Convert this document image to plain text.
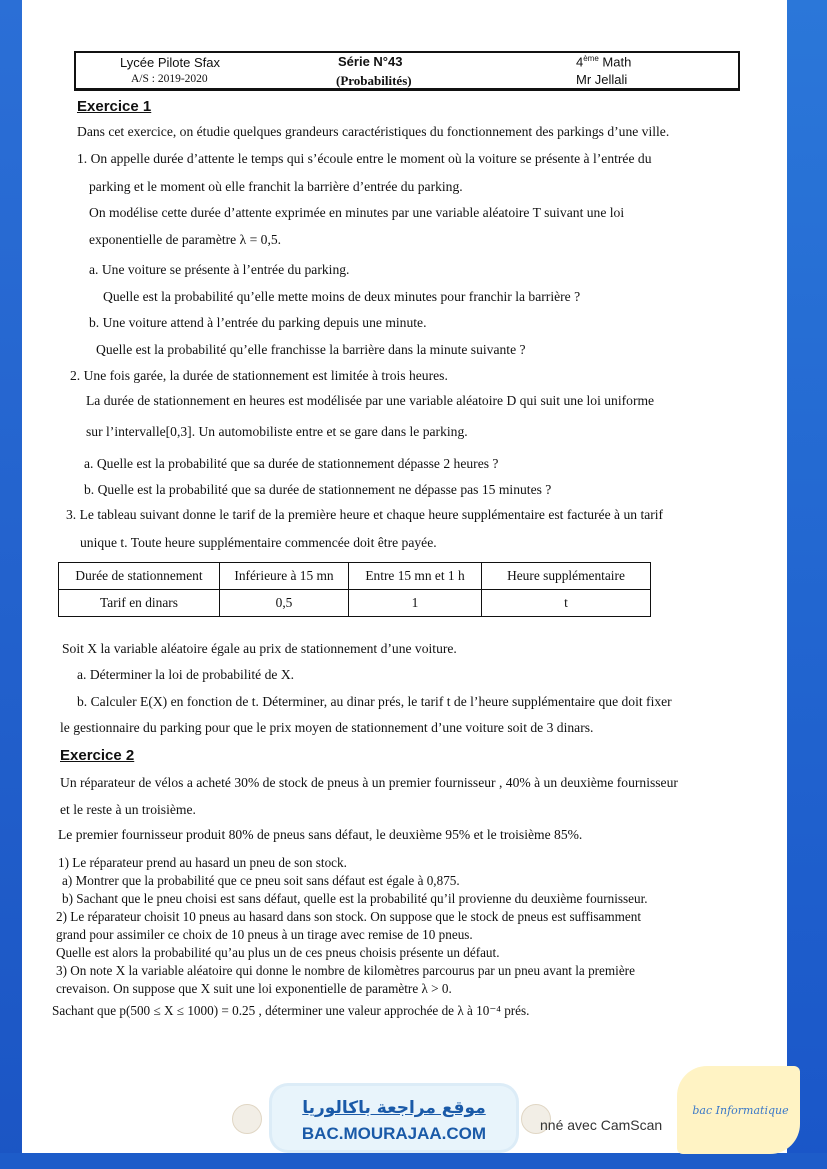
Lycée Pilote Sfax
A/S : 2019-2020
Série N°43
(Probabilités)
4ème Math
Mr Jellali
Exercice 1
Dans cet exercice, on étudie quelques grandeurs caractéristiques du fonctionnement des parkings d’une ville.
1. On appelle durée d’attente le temps qui s’écoule entre le moment où la voiture se présente à l’entrée du
parking et le moment où elle franchit la barrière d’entrée du parking.
On modélise cette durée d’attente exprimée en minutes par une variable aléatoire T suivant une loi
exponentielle de paramètre λ = 0,5.
a. Une voiture se présente à l’entrée du parking.
Quelle est la probabilité qu’elle mette moins de deux minutes pour franchir la barrière ?
b. Une voiture attend à l’entrée du parking depuis une minute.
Quelle est la probabilité qu’elle franchisse la barrière dans la minute suivante ?
2. Une fois garée, la durée de stationnement est limitée à trois heures.
La durée de stationnement en heures est modélisée par une variable aléatoire D qui suit une loi uniforme
sur l’intervalle[0,3]. Un automobiliste entre et se gare dans le parking.
a. Quelle est la probabilité que sa durée de stationnement dépasse 2 heures ?
b. Quelle est la probabilité que sa durée de stationnement ne dépasse pas 15 minutes ?
3. Le tableau suivant donne le tarif de la première heure et chaque heure supplémentaire est facturée à un tarif
unique t. Toute heure supplémentaire commencée doit être payée.
Durée de stationnement	Inférieure à 15 mn	Entre 15 mn et 1 h	Heure supplémentaire
Tarif en dinars	0,5	1	t
Soit X la variable aléatoire égale au prix de stationnement d’une voiture.
a. Déterminer la loi de probabilité de X.
b. Calculer E(X) en fonction de t. Déterminer, au dinar prés, le tarif t de l’heure supplémentaire que doit fixer
le gestionnaire du parking pour que le prix moyen de stationnement d’une voiture soit de 3 dinars.
Exercice 2
Un réparateur de vélos a acheté 30% de stock de pneus à un premier fournisseur , 40% à un deuxième fournisseur
et le reste à un troisième.
Le premier fournisseur produit 80% de pneus sans défaut, le deuxième 95% et le troisième 85%.
1) Le réparateur prend au hasard un pneu de son stock.
a) Montrer que la probabilité que ce pneu soit sans défaut est égale à 0,875.
b) Sachant que le pneu choisi est sans défaut, quelle est la probabilité qu’il provienne du deuxième fournisseur.
2) Le réparateur choisit 10 pneus au hasard dans son stock. On suppose que le stock de pneus est suffisamment
grand pour assimiler ce choix de 10 pneus à un tirage avec remise de 10 pneus.
Quelle est alors la probabilité qu’au plus un de ces pneus choisis présente un défaut.
3) On note X la variable aléatoire qui donne le nombre de kilomètres parcourus par un pneu avant la première
crevaison. On suppose que X suit une loi exponentielle de paramètre λ > 0.
Sachant que p(500 ≤ X ≤ 1000) = 0.25 , déterminer une valeur approchée de λ à 10⁻⁴ prés.
موقع مراجعة باكالوريا
BAC.MOURAJAA.COM	nné avec CamScan
bac Informatique
